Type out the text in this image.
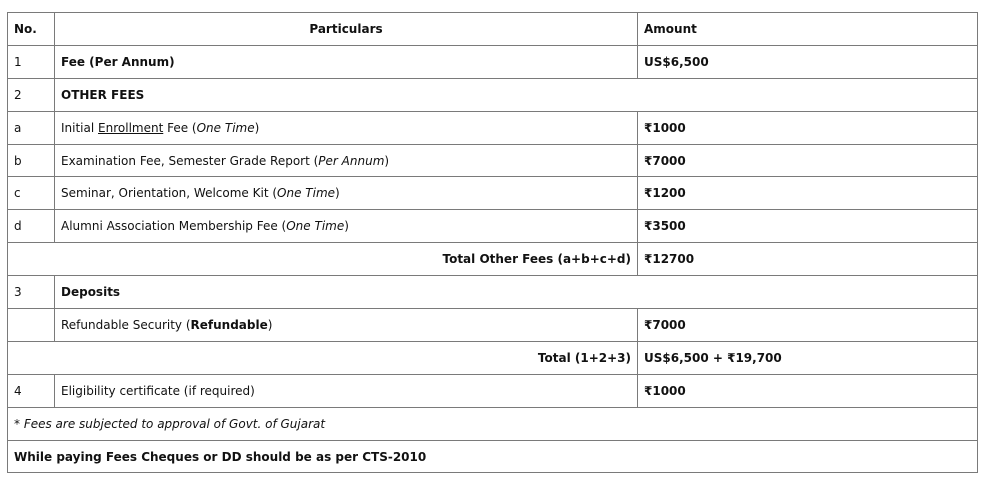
No.	Particulars	Amount
1	Fee (Per Annum)	US$6,500
2	OTHER FEES	
a	Initial Enrollment Fee (One Time)	₹1000
b	Examination Fee, Semester Grade Report (Per Annum)	₹7000
c	Seminar, Orientation, Welcome Kit (One Time)	₹1200
d	Alumni Association Membership Fee (One Time)	₹3500
Total Other Fees (a+b+c+d)		₹12700
3	Deposits	
	Refundable Security (Refundable)	₹7000
Total (1+2+3)		US$6,500 + ₹19,700
4	Eligibility certificate (if required)	₹1000
* Fees are subjected to approval of Govt. of Gujarat		
While paying Fees Cheques or DD should be as per CTS-2010		
